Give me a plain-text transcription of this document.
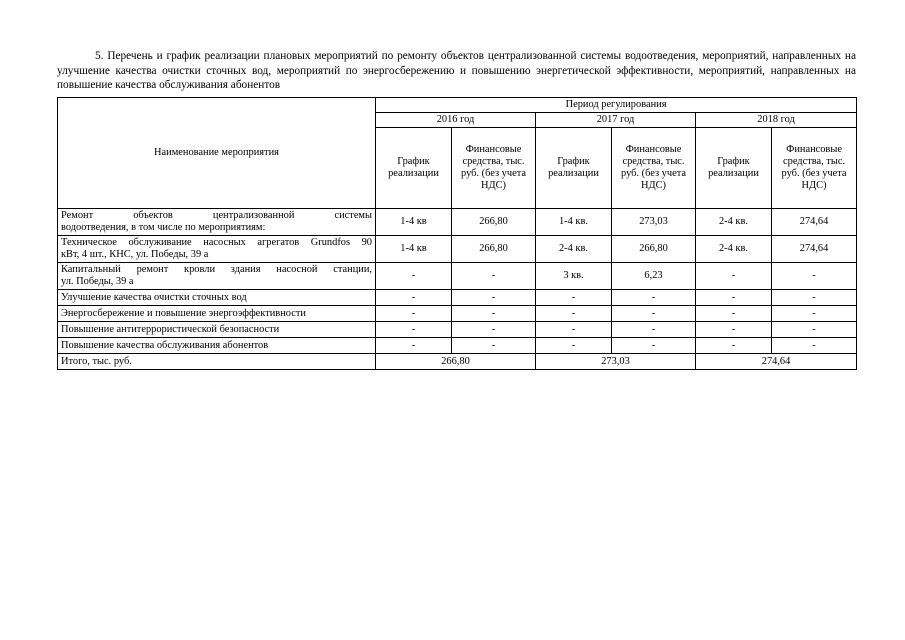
5. Перечень и график реализации плановых мероприятий по ремонту объектов централизованной системы водоотведения, мероприятий, направленных на улучшение качества очистки сточных вод, мероприятий по энергосбережению и повышению энергетической эффективности, мероприятий, направленных на повышение качества обслуживания абонентов

Наименование мероприятия	Период регулирования					
	2016 год		2017 год		2018 год	
	График реализации	Финансовые средства, тыс. руб. (без учета НДС)	График реализации	Финансовые средства, тыс. руб. (без учета НДС)	График реализации	Финансовые средства, тыс. руб. (без учета НДС)

Ремонт объектов централизованной системы
водоотведения, в том числе по мероприятиям:	1-4 кв	266,80	1-4 кв.	273,03	2-4 кв.	274,64

Техническое обслуживание насосных агрегатов Grundfos 90
кВт, 4 шт., КНС, ул. Победы, 39 а	1-4 кв	266,80	2-4 кв.	266,80	2-4 кв.	274,64

Капитальный ремонт кровли здания насосной станции,
ул. Победы, 39 а	-	-	3 кв.	6,23	-	-
Улучшение качества очистки сточных вод	-	-	-	-	-	-
Энергосбережение и повышение энергоэффективности	-	-	-	-	-	-
Повышение антитеррористической безопасности	-	-	-	-	-	-
Повышение качества обслуживания абонентов	-	-	-	-	-	-
Итого, тыс. руб.	266,80		273,03		274,64	
